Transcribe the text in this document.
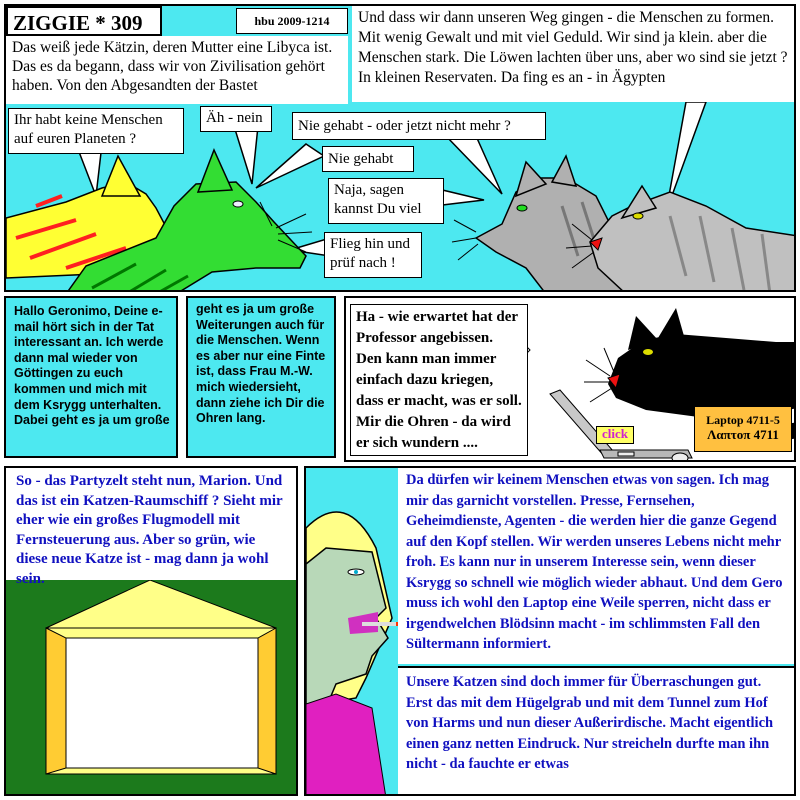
ZIGGIE * 309	hbu 2009-1214
Das weiß jede Kätzin, deren Mutter eine Libyca ist. Das es da begann, dass wir von Zivilisation gehört haben. Von den Abgesandten der Bastet
Und dass wir dann unseren Weg gingen - die Menschen zu formen. Mit wenig Gewalt und mit viel Geduld. Wir sind ja klein. aber die Menschen stark. Die Löwen lachten über uns, aber wo sind sie jetzt ? In kleinen Reservaten. Da fing es an - in Ägypten
Ihr habt keine Menschen auf euren Planeten ?
Äh - nein	Nie gehabt - oder jetzt nicht mehr ?
Nie gehabt
Naja, sagen kannst Du viel
Flieg hin und prüf nach !
Hallo Geronimo, Deine e-mail hört sich in der Tat interessant an. Ich werde dann mal wieder von Göttingen zu euch kommen und mich mit dem Ksrygg unterhalten. Dabei geht es ja um große
geht es ja um große Weiterungen auch für die Menschen. Wenn es aber nur eine Finte ist, dass Frau M.-W. mich wiedersieht, dann ziehe ich Dir die Ohren lang.
Ha - wie erwartet hat der Professor angebissen. Den kann man immer einfach dazu kriegen, dass er macht, was er soll. Mir die Ohren - da wird er sich wundern ....
click
Laptop 4711-5
Λαπτοπ 4711
So - das Partyzelt steht nun, Marion. Und das ist ein Katzen-Raumschiff ? Sieht mir eher wie ein großes Flugmodell mit Fernsteuerung aus. Aber so grün, wie diese neue Katze ist - mag dann ja wohl sein.
Da dürfen wir keinem Menschen etwas von sagen. Ich mag mir das garnicht vorstellen. Presse, Fernsehen, Geheimdienste, Agenten - die werden hier die ganze Gegend auf den Kopf stellen. Wir werden unseres Lebens nicht mehr froh. Es kann nur in unserem Interesse sein, wenn dieser Ksrygg so schnell wie möglich wieder abhaut. Und dem Gero muss ich wohl den Laptop eine Weile sperren, nicht dass er irgendwelchen Blödsinn macht - im schlimmsten Fall den Sültermann informiert.
Unsere Katzen sind doch immer für Überraschungen gut. Erst das mit dem Hügelgrab und mit dem Tunnel zum Hof von Harms und nun dieser Außerirdische. Macht eigentlich einen ganz netten Eindruck. Nur streicheln durfte man ihn nicht - da fauchte er etwas
